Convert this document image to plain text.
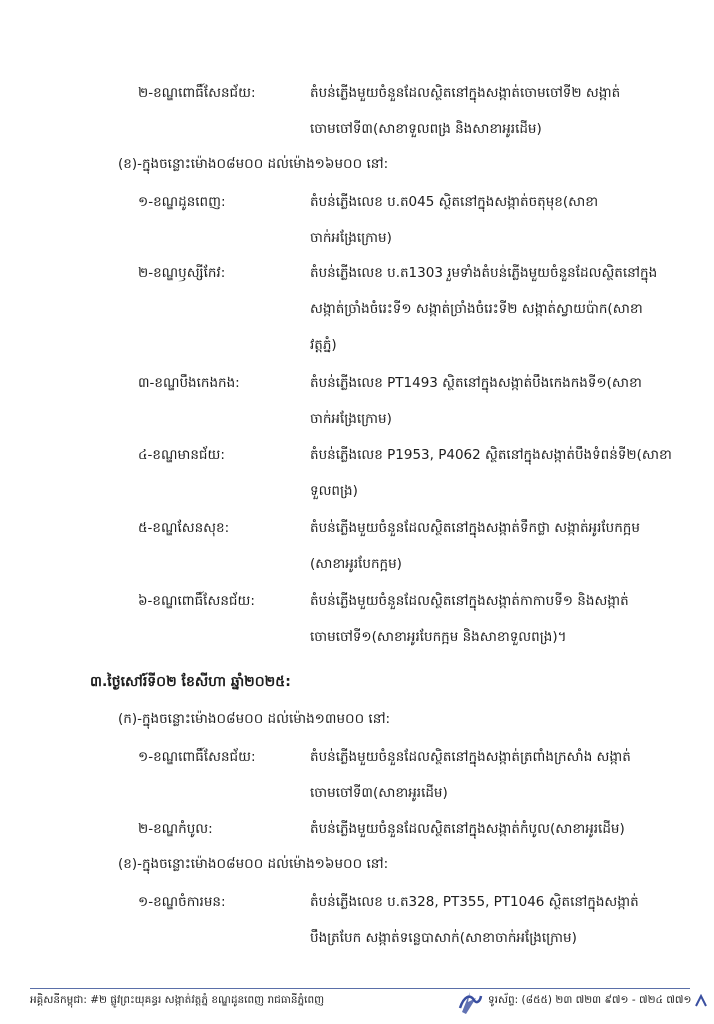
២-ខណ្ឌពោធិ៍សែនជ័យ:	តំបន់ភ្លើងមួយចំនួនដែលស្ថិតនៅក្នុងសង្កាត់ចោមចៅទី២ សង្កាត់
ចោមចៅទី៣(សាខាទួលពង្រ និងសាខាអូរដើម)
(ខ)-ក្នុងចន្លោះម៉ោង០៨ម០០ ដល់ម៉ោង១៦ម០០ នៅ:
១-ខណ្ឌដូនពេញ:	តំបន់ភ្លើងលេខ ប.ត045 ស្ថិតនៅក្នុងសង្កាត់ចតុមុខ(សាខា
ចាក់អង្រែក្រោម)
២-ខណ្ឌឫស្សីកែវ:	តំបន់ភ្លើងលេខ ប.ត1303 រួមទាំងតំបន់ភ្លើងមួយចំនួនដែលស្ថិតនៅក្នុង
សង្កាត់ច្រាំងចំរេះទី១ សង្កាត់ច្រាំងចំរេះទី២ សង្កាត់ស្វាយប៉ាក(សាខា
វត្តភ្នំ)
៣-ខណ្ឌបឹងកេងកង:	តំបន់ភ្លើងលេខ PT1493 ស្ថិតនៅក្នុងសង្កាត់បឹងកេងកងទី១(សាខា
ចាក់អង្រែក្រោម)
៤-ខណ្ឌមានជ័យ:	តំបន់ភ្លើងលេខ P1953, P4062 ស្ថិតនៅក្នុងសង្កាត់បឹងទំពន់ទី២(សាខា
ទួលពង្រ)
៥-ខណ្ឌសែនសុខ:	តំបន់ភ្លើងមួយចំនួនដែលស្ថិតនៅក្នុងសង្កាត់ទឹកថ្លា សង្កាត់អូរបែកក្អម
(សាខាអូរបែកក្អម)
៦-ខណ្ឌពោធិ៍សែនជ័យ:	តំបន់ភ្លើងមួយចំនួនដែលស្ថិតនៅក្នុងសង្កាត់កាកាបទី១ និងសង្កាត់
ចោមចៅទី១(សាខាអូរបែកក្អម និងសាខាទួលពង្រ)។
៣.ថ្ងៃសៅរ៍ទី០២ ខែសីហា ឆ្នាំ២០២៥:
(ក)-ក្នុងចន្លោះម៉ោង០៨ម០០ ដល់ម៉ោង១៣ម០០ នៅ:
១-ខណ្ឌពោធិ៍សែនជ័យ:	តំបន់ភ្លើងមួយចំនួនដែលស្ថិតនៅក្នុងសង្កាត់ត្រពាំងក្រសាំង សង្កាត់
ចោមចៅទី៣(សាខាអូរដើម)
២-ខណ្ឌកំបូល:	តំបន់ភ្លើងមួយចំនួនដែលស្ថិតនៅក្នុងសង្កាត់កំបូល(សាខាអូរដើម)
(ខ)-ក្នុងចន្លោះម៉ោង០៨ម០០ ដល់ម៉ោង១៦ម០០ នៅ:
១-ខណ្ឌចំការមន:	តំបន់ភ្លើងលេខ ប.ត328, PT355, PT1046 ស្ថិតនៅក្នុងសង្កាត់
បឹងត្របែក សង្កាត់ទន្លេបាសាក់(សាខាចាក់អង្រែក្រោម)
អគ្គិសនីកម្ពុជា: #២ ផ្លូវព្រះយុគន្ធរ សង្កាត់វត្តភ្នំ ខណ្ឌដូនពេញ រាជធានីភ្នំពេញ	ទូរស័ព្ទ: (៨៥៥) ២៣ ៧២៣ ៩៧១ - ៧២៤ ៧៧១
